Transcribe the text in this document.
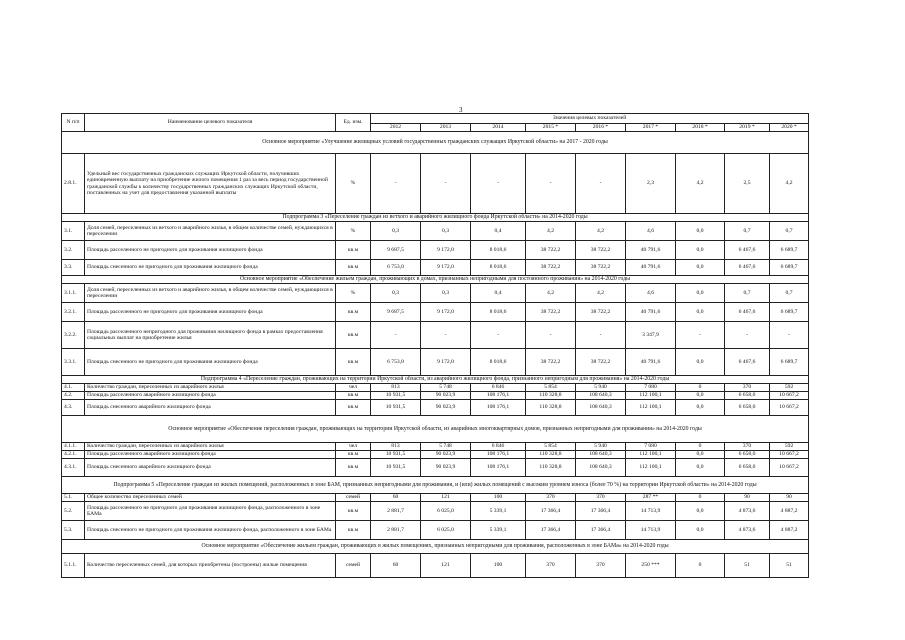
3
N п/п	Наименование целевого показателя	Ед. изм.	Значения целевых показателей								
			2012	2013	2014	2015 *	2016 *	2017 *	2018 *	2019 *	2020 *
Основное мероприятие «Улучшение жилищных условий государственных гражданских служащих Иркутской области» на 2017 - 2020 годы											
2.8.1.	Удельный вес государственных гражданских служащих Иркутской области, получивших единовременную выплату на приобретение жилого помещения 1 раз за весь период государственной гражданской службы к количеству государственных гражданских служащих Иркутской области, поставленных на учет для предоставления указанной выплаты	%	-	-	-	-	-	2,3	4,2	2,5	4,2
Подпрограмма 3 «Переселение граждан из ветхого и аварийного жилищного фонда Иркутской области» на 2014-2020 годы											
3.1.	Доля семей, переселенных из ветхого и аварийного жилья, в общем количестве семей, нуждающихся в переселении	%	0,3	0,3	0,4	4,2	4,2	4,6	0,0	0,7	0,7
3.2.	Площадь расселенного не пригодного для проживания жилищного фонда	кв.м	9 687,5	9 172,0	8 018,6	38 722,2	38 722,2	40 791,6	0,0	6 467,6	6 689,7
3.3.	Площадь снесенного не пригодного для проживания жилищного фонда	кв.м	6 753,0	9 172,0	8 018,6	38 722,2	38 722,2	40 791,6	0,0	6 467,6	6 689,7
Основное мероприятие «Обеспечение жильем граждан, проживающих в домах, признанных непригодными для постоянного проживания» на 2014-2020 годы											
3.1.1.	Доля семей, переселенных из ветхого и аварийного жилья, в общем количестве семей, нуждающихся в переселении	%	0,3	0,3	0,4	4,2	4,2	4,6	0,0	0,7	0,7
3.2.1.	Площадь расселенного не пригодного для проживания жилищного фонда	кв.м	9 687,5	9 172,0	8 018,6	38 722,2	38 722,2	40 791,6	0,0	6 467,6	6 689,7
3.2.2.	Площадь расселенного непригодного для проживания жилищного фонда в рамках предоставления социальных выплат на приобретение жилья	кв.м	-	-	-	-	-	3 347,9	-	-	-
3.3.1.	Площадь снесенного не пригодного для проживания жилищного фонда	кв.м	6 753,0	9 172,0	8 018,6	38 722,2	38 722,2	40 791,6	0,0	6 467,6	6 689,7
Подпрограмма 4 «Переселение граждан, проживающих на территории Иркутской области, из аварийного жилищного фонда, признанного непригодным для проживания» на 2014-2020 годы											
4.1.	Количество граждан, переселенных из аварийного жилья	чел	813	5 748	6 846	5 854	5 940	7 080	0	370	592
4.2.	Площадь расселенного аварийного жилищного фонда	кв.м	10 931,5	90 023,9	108 176,1	110 328,8	108 640,3	112 100,1	0,0	6 658,0	10 667,2
4.3.	Площадь снесенного аварийного жилищного фонда	кв.м	10 931,5	90 023,9	108 176,1	110 328,8	108 640,3	112 100,1	0,0	6 658,0	10 667,2
Основное мероприятие «Обеспечение переселения граждан, проживающих на территории Иркутской области, из аварийных многоквартирных домов, признанных непригодными для проживания» на 2014-2020 годы											
4.1.1.	Количество граждан, переселенных из аварийного жилья	чел	813	5 748	6 846	5 854	5 940	7 080	0	370	592
4.2.1.	Площадь расселенного аварийного жилищного фонда	кв.м	10 931,5	90 023,9	108 176,1	110 328,8	108 640,3	112 100,1	0,0	6 658,0	10 667,2
4.3.1.	Площадь снесенного аварийного жилищного фонда	кв.м	10 931,5	90 023,9	108 176,1	110 328,8	108 640,3	112 100,1	0,0	6 658,0	10 667,2
Подпрограмма 5 «Переселение граждан из жилых помещений, расположенных в зоне БАМ, признанных непригодными для проживания, и (или) жилых помещений с высоким уровнем износа (более 70 %) на территории Иркутской области» на 2014-2020 годы											
5.1.	Общее количество переселенных семей	семей	60	121	100	370	370	287 **	0	90	90
5.2.	Площадь расселенного не пригодного для проживания жилищного фонда, расположенного в зоне БАМа	кв.м	2 881,7	6 025,0	5 339,1	17 366,4	17 366,4	14 713,9	0,0	4 873,6	4 887,2
5.3.	Площадь снесенного не пригодного для проживания жилищного фонда, расположенного в зоне БАМа	кв.м	2 881,7	6 025,0	5 339,1	17 366,4	17 366,4	14 713,9	0,0	4 873,6	4 887,2
Основное мероприятие «Обеспечение жильем граждан, проживающих в жилых помещениях, признанных непригодными для проживания, расположенных в зоне БАМа» на 2014-2020 годы											
5.1.1.	Количество переселенных семей, для которых приобретены (построены) жилые помещения	семей	60	121	100	370	370	250 ***	0	51	51
